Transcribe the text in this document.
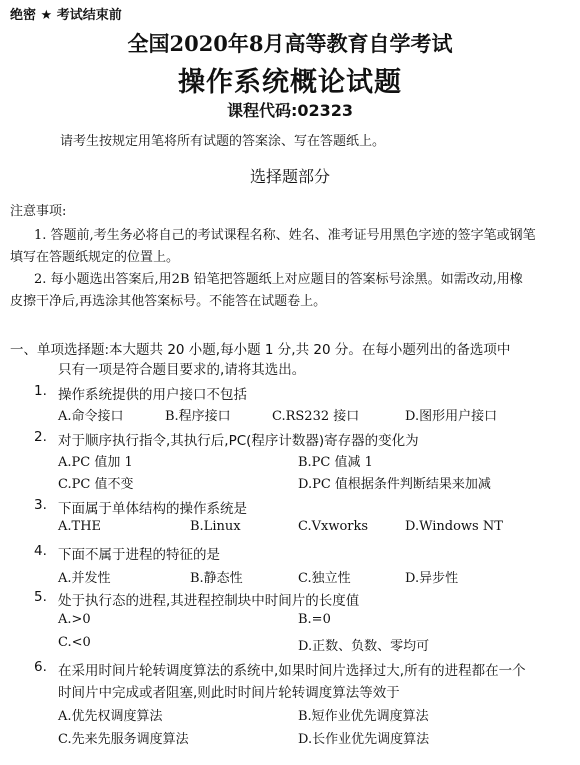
绝密 ★ 考试结束前
全国2020年8月高等教育自学考试
操作系统概论试题
课程代码:02323
请考生按规定用笔将所有试题的答案涂、写在答题纸上。
选择题部分
注意事项:
1. 答题前,考生务必将自己的考试课程名称、姓名、准考证号用黑色字迹的签字笔或钢笔
填写在答题纸规定的位置上。
2. 每小题选出答案后,用2B 铅笔把答题纸上对应题目的答案标号涂黑。如需改动,用橡
皮擦干净后,再选涂其他答案标号。不能答在试题卷上。
一、单项选择题:本大题共 20 小题,每小题 1 分,共 20 分。在每小题列出的备选项中
只有一项是符合题目要求的,请将其选出。
1. 操作系统提供的用户接口不包括
A.命令接口	B.程序接口	C.RS232 接口	D.图形用户接口
2. 对于顺序执行指令,其执行后,PC(程序计数器)寄存器的变化为
A.PC 值加 1	B.PC 值减 1
C.PC 值不变	D.PC 值根据条件判断结果来加减
3. 下面属于单体结构的操作系统是
A.THE	B.Linux	C.Vxworks	D.Windows NT
4. 下面不属于进程的特征的是
A.并发性	B.静态性	C.独立性	D.异步性
5. 处于执行态的进程,其进程控制块中时间片的长度值
A.>0	B.=0
C.<0	D.正数、负数、零均可
6. 在采用时间片轮转调度算法的系统中,如果时间片选择过大,所有的进程都在一个
时间片中完成或者阻塞,则此时时间片轮转调度算法等效于
A.优先权调度算法	B.短作业优先调度算法
C.先来先服务调度算法	D.长作业优先调度算法
